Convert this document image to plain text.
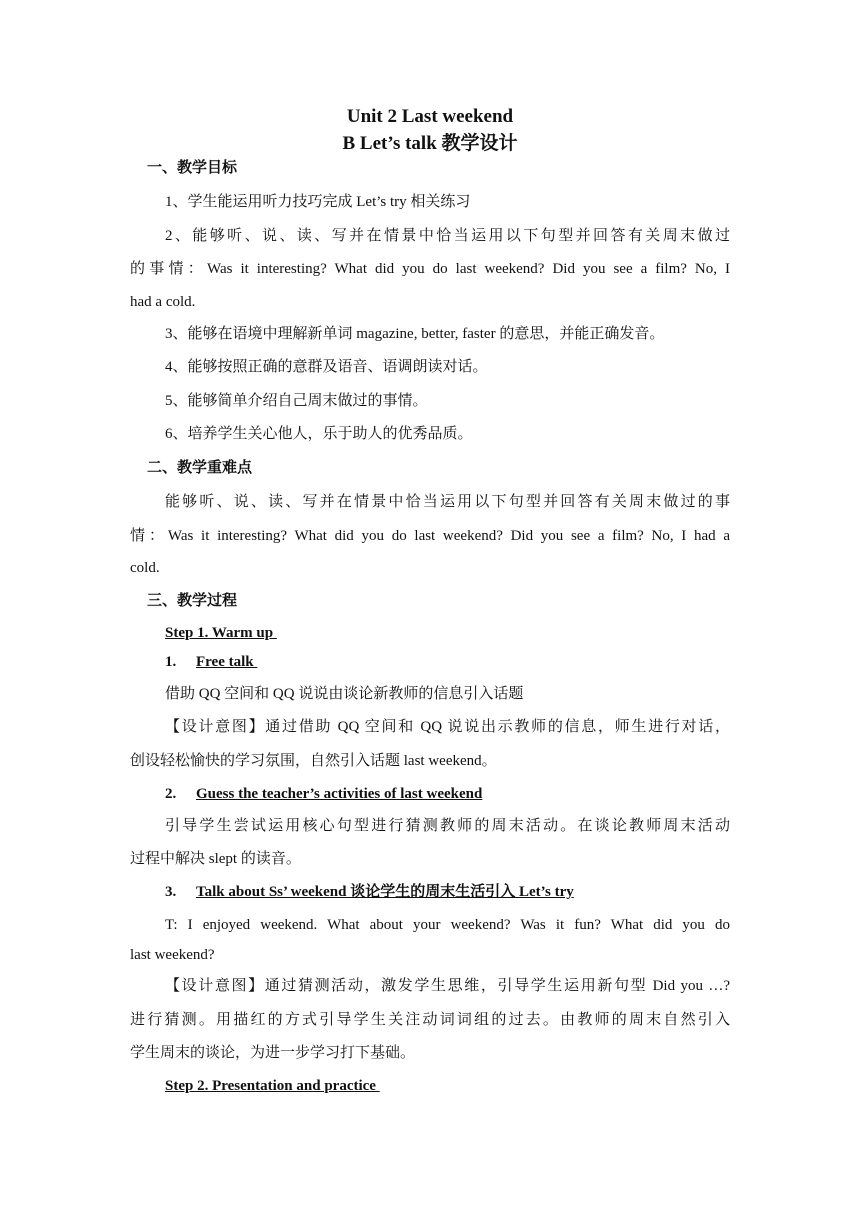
Unit 2 Last weekend
B Let’s talk 教学设计
一、教学目标
1、学生能运用听力技巧完成 Let’s try 相关练习
2、能够听、说、读、写并在情景中恰当运用以下句型并回答有关周末做过
的事情：Was it interesting? What did you do last weekend? Did you see a film? No, I
had a cold.
3、能够在语境中理解新单词 magazine, better, faster 的意思，并能正确发音。
4、能够按照正确的意群及语音、语调朗读对话。
5、能够简单介绍自己周末做过的事情。
6、培养学生关心他人，乐于助人的优秀品质。
二、教学重难点
能够听、说、读、写并在情景中恰当运用以下句型并回答有关周末做过的事
情：Was it interesting? What did you do last weekend? Did you see a film? No, I had a
cold.
三、教学过程
Step 1. Warm up
1. Free talk
借助 QQ 空间和 QQ 说说由谈论新教师的信息引入话题
【设计意图】通过借助 QQ 空间和 QQ 说说出示教师的信息，师生进行对话，
创设轻松愉快的学习氛围，自然引入话题 last weekend。
2. Guess the teacher’s activities of last weekend
引导学生尝试运用核心句型进行猜测教师的周末活动。在谈论教师周末活动
过程中解决 slept 的读音。
3. Talk about Ss’ weekend 谈论学生的周末生活引入 Let’s try
T: I enjoyed weekend. What about your weekend? Was it fun? What did you do
last weekend?
【设计意图】通过猜测活动，激发学生思维，引导学生运用新句型 Did you …?
进行猜测。用描红的方式引导学生关注动词词组的过去。由教师的周末自然引入
学生周末的谈论，为进一步学习打下基础。
Step 2. Presentation and practice
